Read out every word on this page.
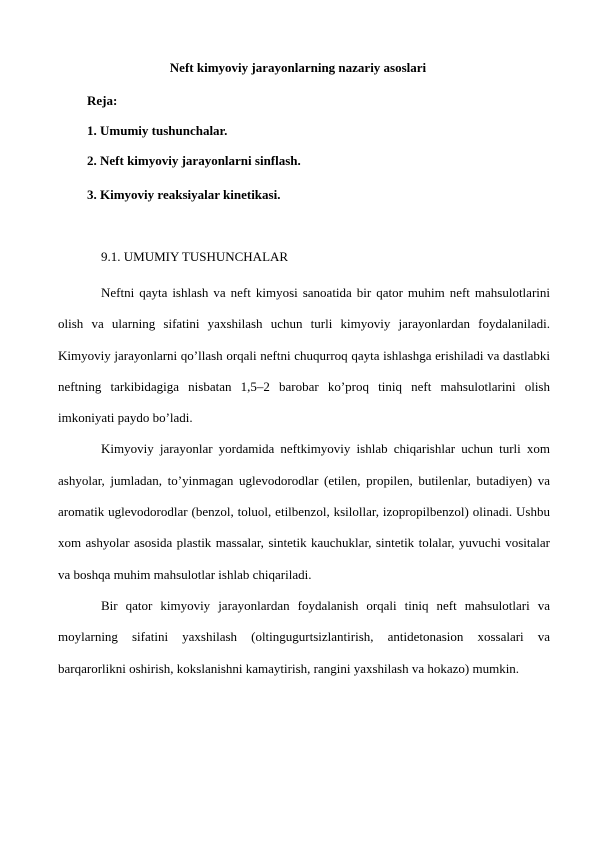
Neft kimyoviy jarayonlarning nazariy asoslari
Reja:
1. Umumiy tushunchalar.
2. Neft kimyoviy jarayonlarni sinflash.
3. Kimyoviy reaksiyalar kinetikasi.
9.1. UMUMIY TUSHUNCHALAR

Neftni qayta ishlash va neft kimyosi sanoatida bir qator muhim neft mahsulotlarini olish va ularning sifatini yaxshilash uchun turli kimyoviy jarayonlardan foydalaniladi. Kimyoviy jarayonlarni qo’llash orqali neftni chuqurroq qayta ishlashga erishiladi va dastlabki neftning tarkibidagiga nisbatan 1,5–2 barobar ko’proq tiniq neft mahsulotlarini olish imkoniyati paydo bo’ladi.

Kimyoviy jarayonlar yordamida neftkimyoviy ishlab chiqarishlar uchun turli xom ashyolar, jumladan, to’yinmagan uglevodorodlar (etilen, propilen, butilenlar, butadiyen) va aromatik uglevodorodlar (benzol, toluol, etilbenzol, ksilollar, izopropilbenzol) olinadi. Ushbu xom ashyolar asosida plastik massalar, sintetik kauchuklar, sintetik tolalar, yuvuchi vositalar va boshqa muhim mahsulotlar ishlab chiqariladi.

Bir qator kimyoviy jarayonlardan foydalanish orqali tiniq neft mahsulotlari va moylarning sifatini yaxshilash (oltingugurtsizlantirish, antidetonasion xossalari va barqarorlikni oshirish, kokslanishni kamaytirish, rangini yaxshilash va hokazo) mumkin.
